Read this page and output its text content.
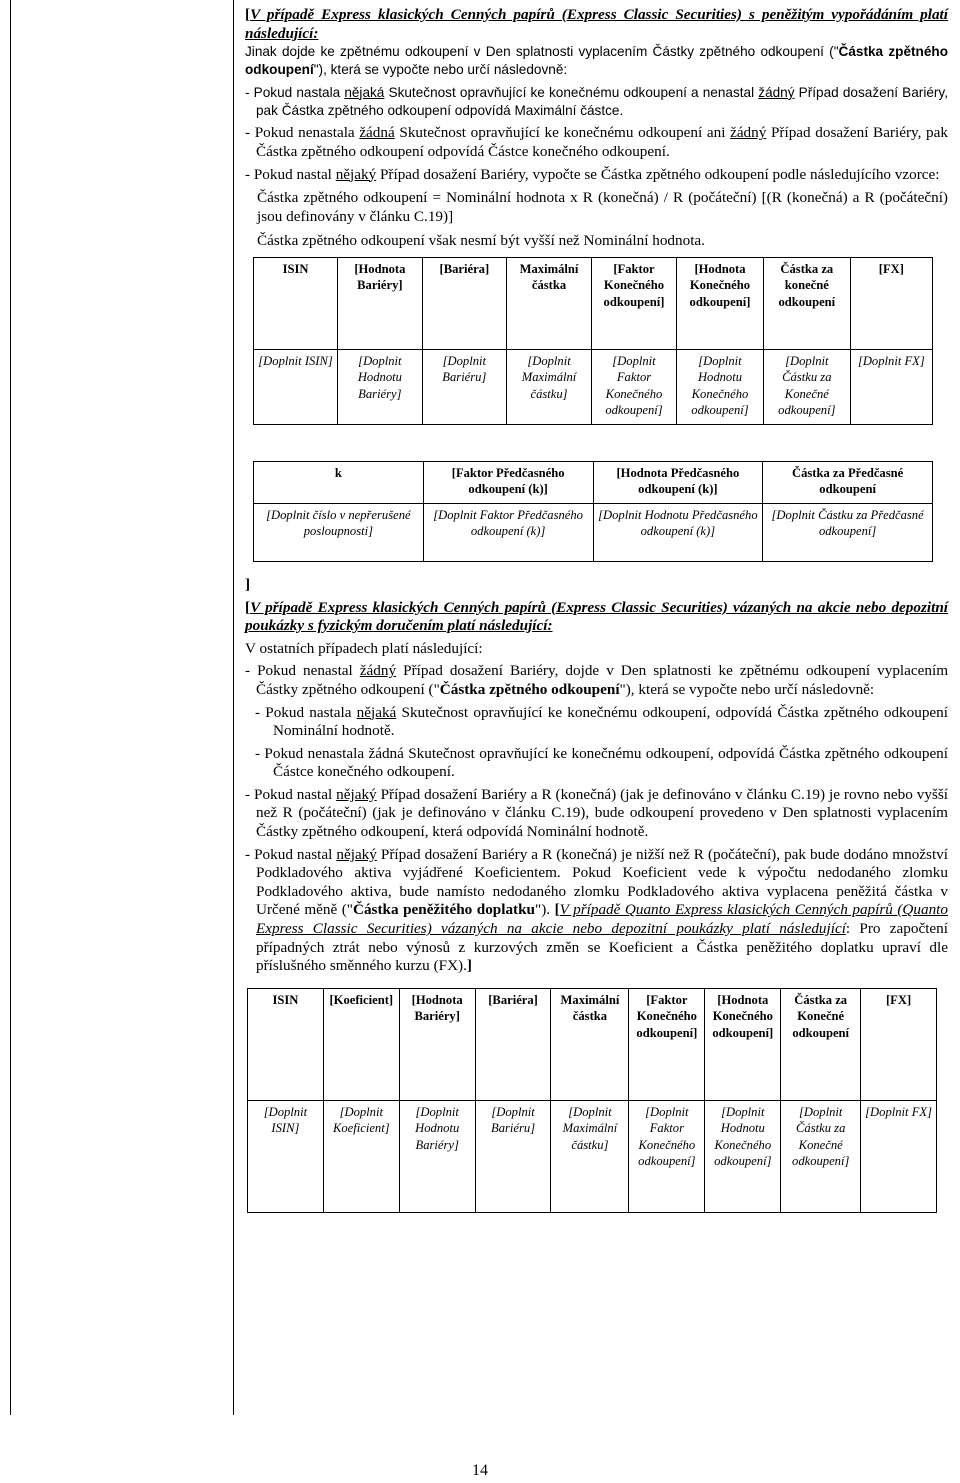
[V případě Express klasických Cenných papírů (Express Classic Securities) s peněžitým vypořádáním platí následující:

Jinak dojde ke zpětnému odkoupení v Den splatnosti vyplacením Částky zpětného odkoupení ("Částka zpětného odkoupení"), která se vypočte nebo určí následovně:

- Pokud nastala nějaká Skutečnost opravňující ke konečnému odkoupení a nenastal žádný Případ dosažení Bariéry, pak Částka zpětného odkoupení odpovídá Maximální částce.

- Pokud nenastala žádná Skutečnost opravňující ke konečnému odkoupení ani žádný Případ dosažení Bariéry, pak Částka zpětného odkoupení odpovídá Částce konečného odkoupení.

- Pokud nastal nějaký Případ dosažení Bariéry, vypočte se Částka zpětného odkoupení podle následujícího vzorce:

Částka zpětného odkoupení = Nominální hodnota x R (konečná) / R (počáteční) [(R (konečná) a R (počáteční) jsou definovány v článku C.19)]

Částka zpětného odkoupení však nesmí být vyšší než Nominální hodnota.

ISIN	[Hodnota Bariéry]	[Bariéra]	Maximální částka	[Faktor Konečného odkoupení]	[Hodnota Konečného odkoupení]	Částka za konečné odkoupení	[FX]
[Doplnit ISIN]	[Doplnit Hodnotu Bariéry]	[Doplnit Bariéru]	[Doplnit Maximální částku]	[Doplnit Faktor Konečného odkoupení]	[Doplnit Hodnotu Konečného odkoupení]	[Doplnit Částku za Konečné odkoupení]	[Doplnit FX]
k	[Faktor Předčasného odkoupení (k)]	[Hodnota Předčasného odkoupení (k)]	Částka za Předčasné odkoupení
[Doplnit číslo v nepřerušené posloupnosti]	[Doplnit Faktor Předčasného odkoupení (k)]	[Doplnit Hodnotu Předčasného odkoupení (k)]	[Doplnit Částku za Předčasné odkoupení]

]

[V případě Express klasických Cenných papírů (Express Classic Securities) vázaných na akcie nebo depozitní poukázky s fyzickým doručením platí následující:

V ostatních případech platí následující:

- Pokud nenastal žádný Případ dosažení Bariéry, dojde v Den splatnosti ke zpětnému odkoupení vyplacením Částky zpětného odkoupení ("Částka zpětného odkoupení"), která se vypočte nebo určí následovně:

- Pokud nastala nějaká Skutečnost opravňující ke konečnému odkoupení, odpovídá Částka zpětného odkoupení Nominální hodnotě.

- Pokud nenastala žádná Skutečnost opravňující ke konečnému odkoupení, odpovídá Částka zpětného odkoupení Částce konečného odkoupení.

- Pokud nastal nějaký Případ dosažení Bariéry a R (konečná) (jak je definováno v článku C.19) je rovno nebo vyšší než R (počáteční) (jak je definováno v článku C.19), bude odkoupení provedeno v Den splatnosti vyplacením Částky zpětného odkoupení, která odpovídá Nominální hodnotě.

- Pokud nastal nějaký Případ dosažení Bariéry a R (konečná) je nižší než R (počáteční), pak bude dodáno množství Podkladového aktiva vyjádřené Koeficientem. Pokud Koeficient vede k výpočtu nedodaného zlomku Podkladového aktiva, bude namísto nedodaného zlomku Podkladového aktiva vyplacena peněžitá částka v Určené měně ("Částka peněžitého doplatku"). [V případě Quanto Express klasických Cenných papírů (Quanto Express Classic Securities) vázaných na akcie nebo depozitní poukázky platí následující: Pro započtení případných ztrát nebo výnosů z kurzových změn se Koeficient a Částka peněžitého doplatku upraví dle příslušného směnného kurzu (FX).]

ISIN	[Koeficient]	[Hodnota Bariéry]	[Bariéra]	Maximální částka	[Faktor Konečného odkoupení]	[Hodnota Konečného odkoupení]	Částka za Konečné odkoupení	[FX]
[Doplnit ISIN]	[Doplnit Koeficient]	[Doplnit Hodnotu Bariéry]	[Doplnit Bariéru]	[Doplnit Maximální částku]	[Doplnit Faktor Konečného odkoupení]	[Doplnit Hodnotu Konečného odkoupení]	[Doplnit Částku za Konečné odkoupení]	[Doplnit FX]
14
